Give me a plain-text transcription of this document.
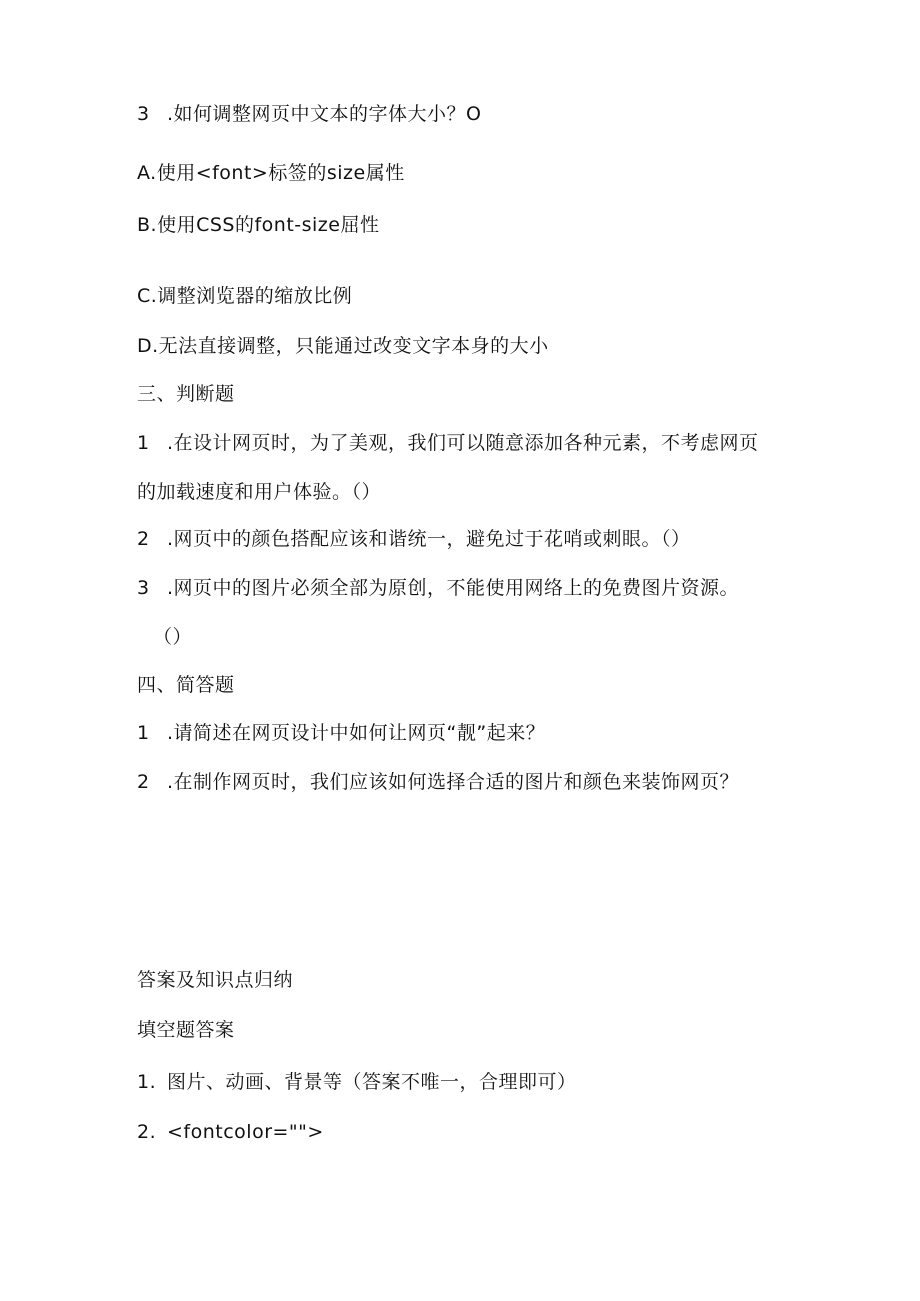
3 .如何调整网页中文本的字体大小？O
A.使用<font>标签的size属性
B.使用CSS的font-size屈性
C.调整浏览器的缩放比例
D.无法直接调整，只能通过改变文字本身的大小
三、判断题
1 .在设计网页时，为了美观，我们可以随意添加各种元素，不考虑网页
的加载速度和用户体验。（）
2 .网页中的颜色搭配应该和谐统一，避免过于花哨或刺眼。（）
3 .网页中的图片必须全部为原创，不能使用网络上的免费图片资源。
（）
四、简答题
1 .请简述在网页设计中如何让网页“靓”起来？
2 .在制作网页时，我们应该如何选择合适的图片和颜色来装饰网页？
答案及知识点归纳
填空题答案
1. 图片、动画、背景等（答案不唯一，合理即可）
2. <fontcolor="">
